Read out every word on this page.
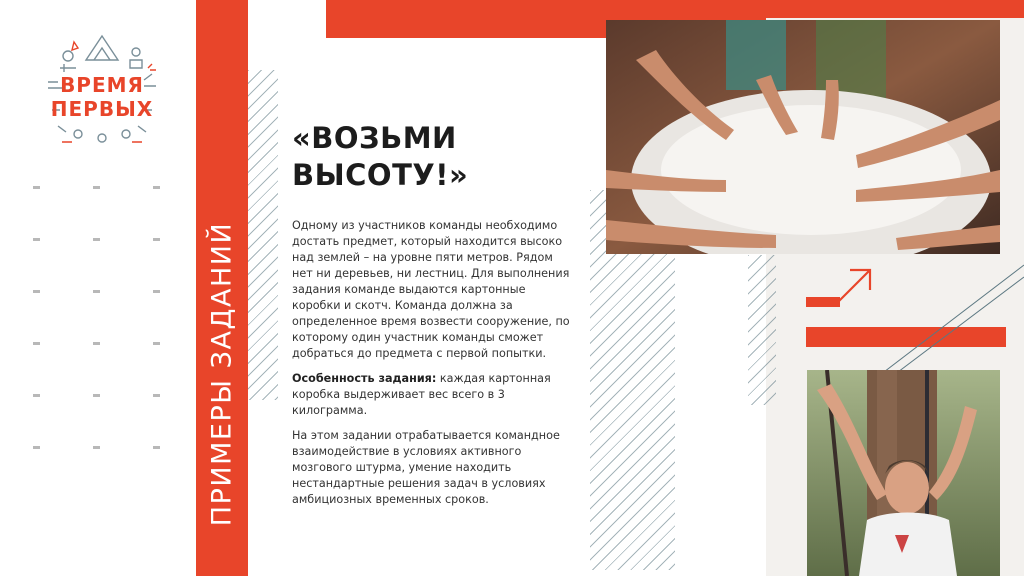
ВРЕМЯ
ПЕРВЫХ
ПРИМЕРЫ ЗАДАНИЙ
«ВОЗЬМИ
ВЫСОТУ!»

Одному из участников команды необходимо достать предмет, который находится высоко над землей – на уровне пяти метров. Рядом нет ни деревьев, ни лестниц. Для выполнения задания команде выдаются картонные коробки и скотч. Команда должна за определенное время возвести сооружение, по которому один участник команды сможет добраться до предмета с первой попытки.

Особенность задания: каждая картонная коробка выдерживает вес всего в 3 килограмма.

На этом задании отрабатывается командное взаимодействие в условиях активного мозгового штурма, умение находить нестандартные решения задач в условиях амбициозных временных сроков.
